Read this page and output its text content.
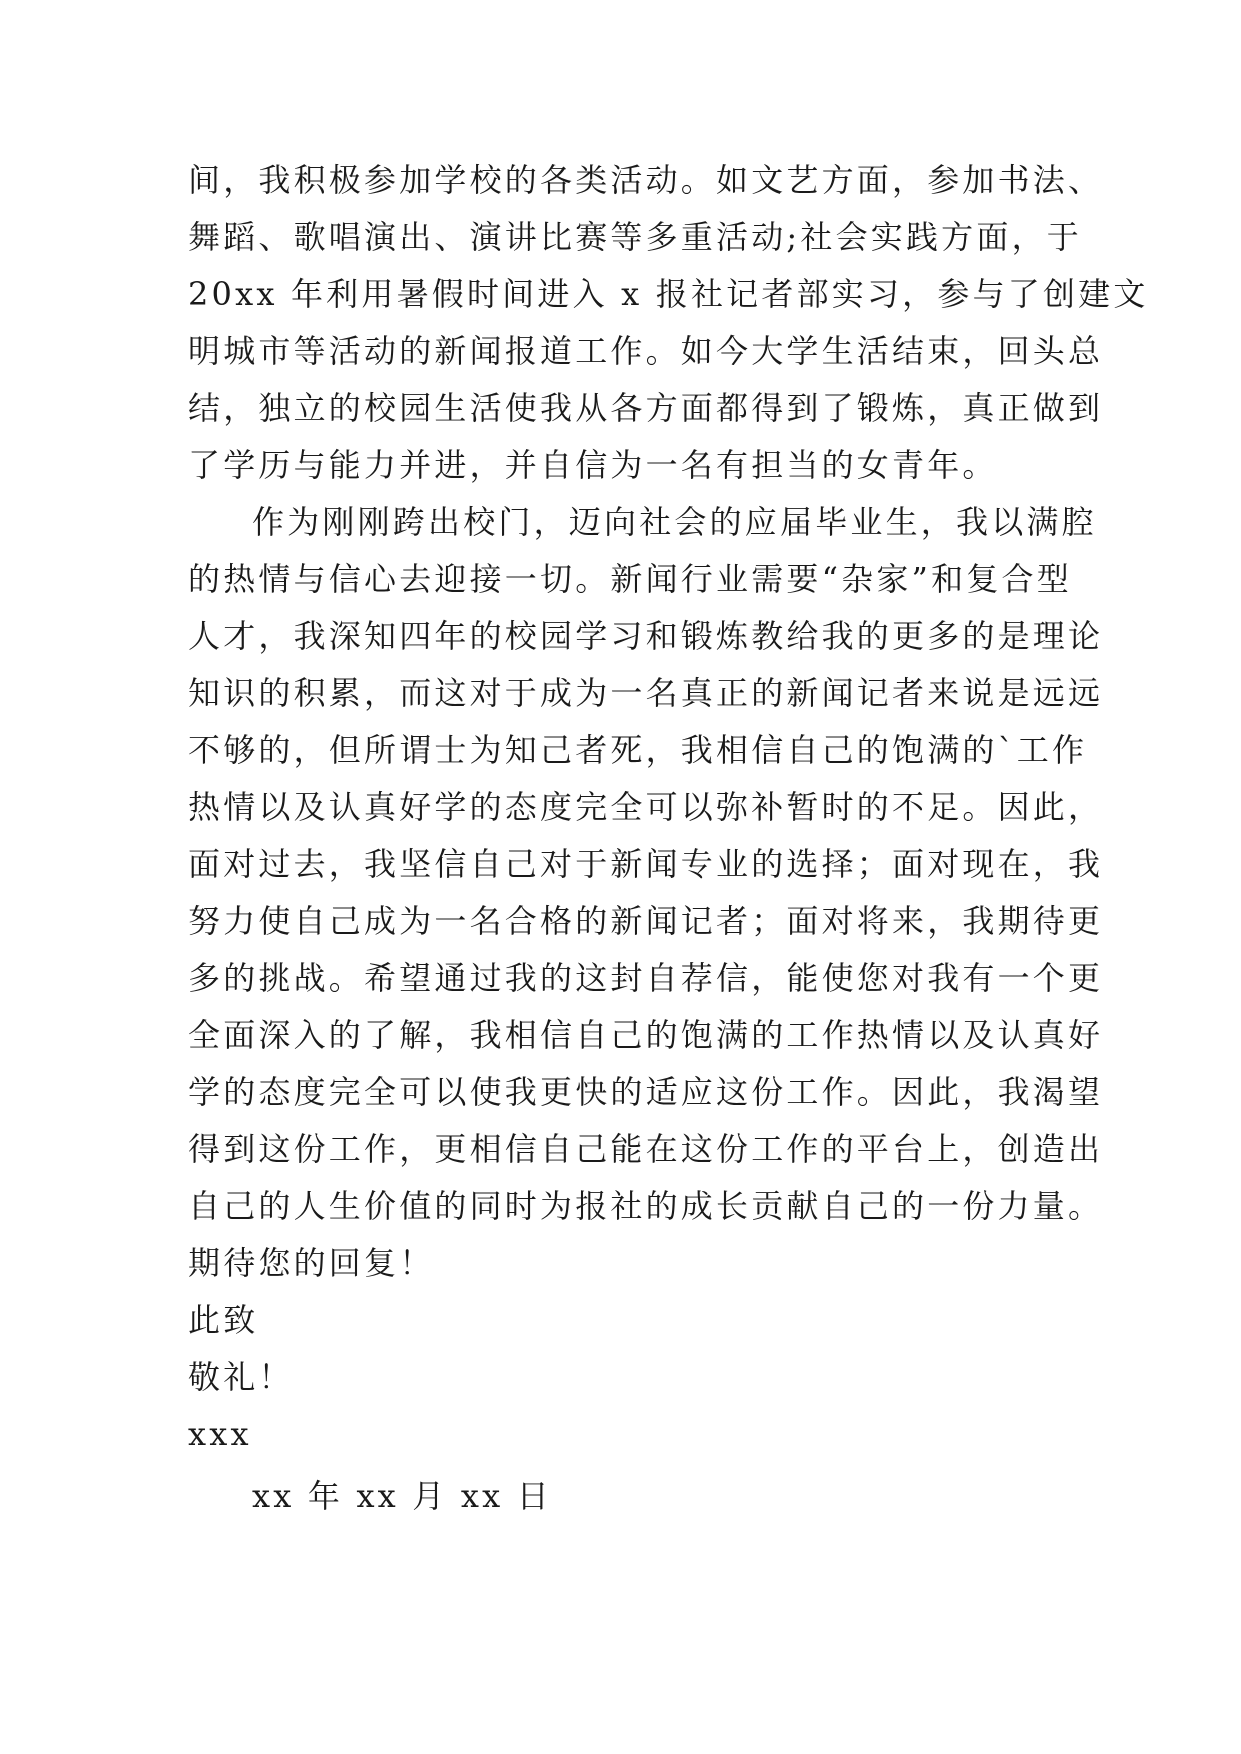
间，我积极参加学校的各类活动。如文艺方面，参加书法、
舞蹈、歌唱演出、演讲比赛等多重活动;社会实践方面，于
20xx 年利用暑假时间进入 x 报社记者部实习，参与了创建文
明城市等活动的新闻报道工作。如今大学生活结束，回头总
结，独立的校园生活使我从各方面都得到了锻炼，真正做到
了学历与能力并进，并自信为一名有担当的女青年。
作为刚刚跨出校门，迈向社会的应届毕业生，我以满腔
的热情与信心去迎接一切。新闻行业需要“杂家”和复合型
人才，我深知四年的校园学习和锻炼教给我的更多的是理论
知识的积累，而这对于成为一名真正的新闻记者来说是远远
不够的，但所谓士为知己者死，我相信自己的饱满的`工作
热情以及认真好学的态度完全可以弥补暂时的不足。因此，
面对过去，我坚信自己对于新闻专业的选择；面对现在，我
努力使自己成为一名合格的新闻记者；面对将来，我期待更
多的挑战。希望通过我的这封自荐信，能使您对我有一个更
全面深入的了解，我相信自己的饱满的工作热情以及认真好
学的态度完全可以使我更快的适应这份工作。因此，我渴望
得到这份工作，更相信自己能在这份工作的平台上，创造出
自己的人生价值的同时为报社的成长贡献自己的一份力量。
期待您的回复！
此致
敬礼！
xxx
xx 年 xx 月 xx 日
